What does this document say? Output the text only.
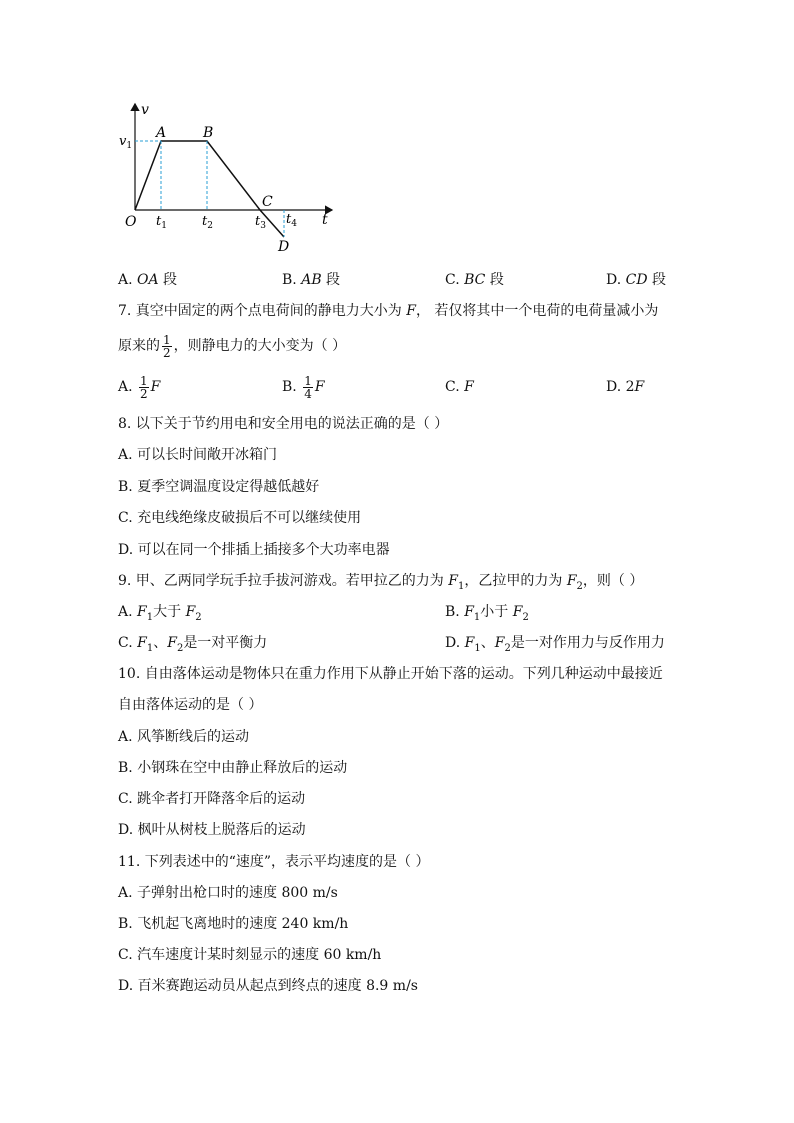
v
t
O
$v_1$
A	B
C
D
$t_1$	$t_2$	$t_3$ $t_4$
A. OA 段	B. AB 段	C. BC 段	D. CD 段
7. 真空中固定的两个点电荷间的静电力大小为 F， 若仅将其中一个电荷的电荷量减小为
原来的 $\frac{1}{2}$ ，则静电力的大小变为（ ）
A. $\frac{1}{2}$ F	B. $\frac{1}{4}$ F	C. F	D. 2F
8. 以下关于节约用电和安全用电的说法正确的是（ ）
A. 可以长时间敞开冰箱门
B. 夏季空调温度设定得越低越好
C. 充电线绝缘皮破损后不可以继续使用
D. 可以在同一个排插上插接多个大功率电器
9. 甲、乙两同学玩手拉手拔河游戏。若甲拉乙的力为 $F_1$，乙拉甲的力为 $F_2$，则（ ）
A. $F_1$大于 $F_2$	B. $F_1$小于 $F_2$
C. $F_1$、$F_2$是一对平衡力	D. $F_1$、$F_2$是一对作用力与反作用力
10. 自由落体运动是物体只在重力作用下从静止开始下落的运动。下列几种运动中最接近
自由落体运动的是（ ）
A. 风筝断线后的运动
B. 小钢珠在空中由静止释放后的运动
C. 跳伞者打开降落伞后的运动
D. 枫叶从树枝上脱落后的运动
11. 下列表述中的“速度”，表示平均速度的是（ ）
A. 子弹射出枪口时的速度 800 m/s
B. 飞机起飞离地时的速度 240 km/h
C. 汽车速度计某时刻显示的速度 60 km/h
D. 百米赛跑运动员从起点到终点的速度 8.9 m/s
